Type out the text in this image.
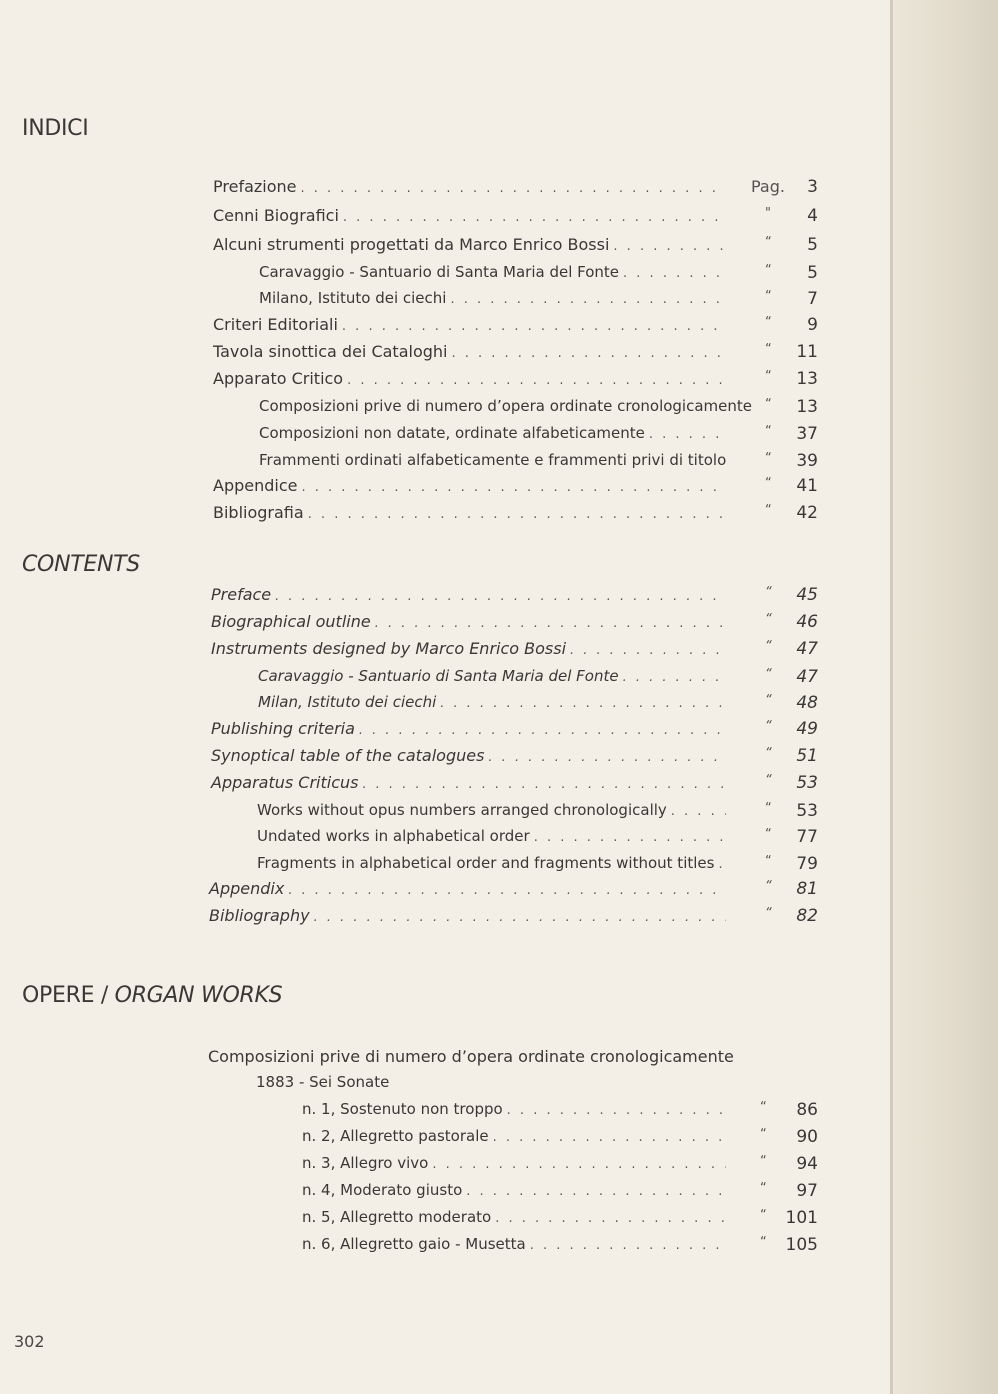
INDICI
Prefazione . . .	Pag.	3
Cenni Biografici . . .	"	4
Alcuni strumenti progettati da Marco Enrico Bossi . . .	“	5
Caravaggio - Santuario di Santa Maria del Fonte . . .	“	5
Milano, Istituto dei ciechi . . .	“	7
Criteri Editoriali . . .	“	9
Tavola sinottica dei Cataloghi . . .	“	11
Apparato Critico . . .	“	13
Composizioni prive di numero d’opera ordinate cronologicamente “	13
Composizioni non datate, ordinate alfabeticamente . . .	“	37
Frammenti ordinati alfabeticamente e frammenti privi di titolo	“	39
Appendice . . .	“	41
Bibliografia . . .	“	42
CONTENTS
Preface . . .	“	45
Biographical outline . . .	“	46
Instruments designed by Marco Enrico Bossi . . .	“	47
Caravaggio - Santuario di Santa Maria del Fonte . . .	“	47
Milan, Istituto dei ciechi . . .	“	48
Publishing criteria . . .	“	49
Synoptical table of the catalogues . . .	“	51
Apparatus Criticus . . .	“	53
Works without opus numbers arranged chronologically . . .	“	53
Undated works in alphabetical order . . .	“	77
Fragments in alphabetical order and fragments without titles . . .	“	79
Appendix . . .	“	81
Bibliography . . .	“	82
OPERE / ORGAN WORKS
Composizioni prive di numero d’opera ordinate cronologicamente
1883 - Sei Sonate
n. 1, Sostenuto non troppo . . .	“	86
n. 2, Allegretto pastorale . . .	“	90
n. 3, Allegro vivo . . .	“	94
n. 4, Moderato giusto . . .	“	97
n. 5, Allegretto moderato . . .	“	101
n. 6, Allegretto gaio - Musetta . . .	“	105
302
